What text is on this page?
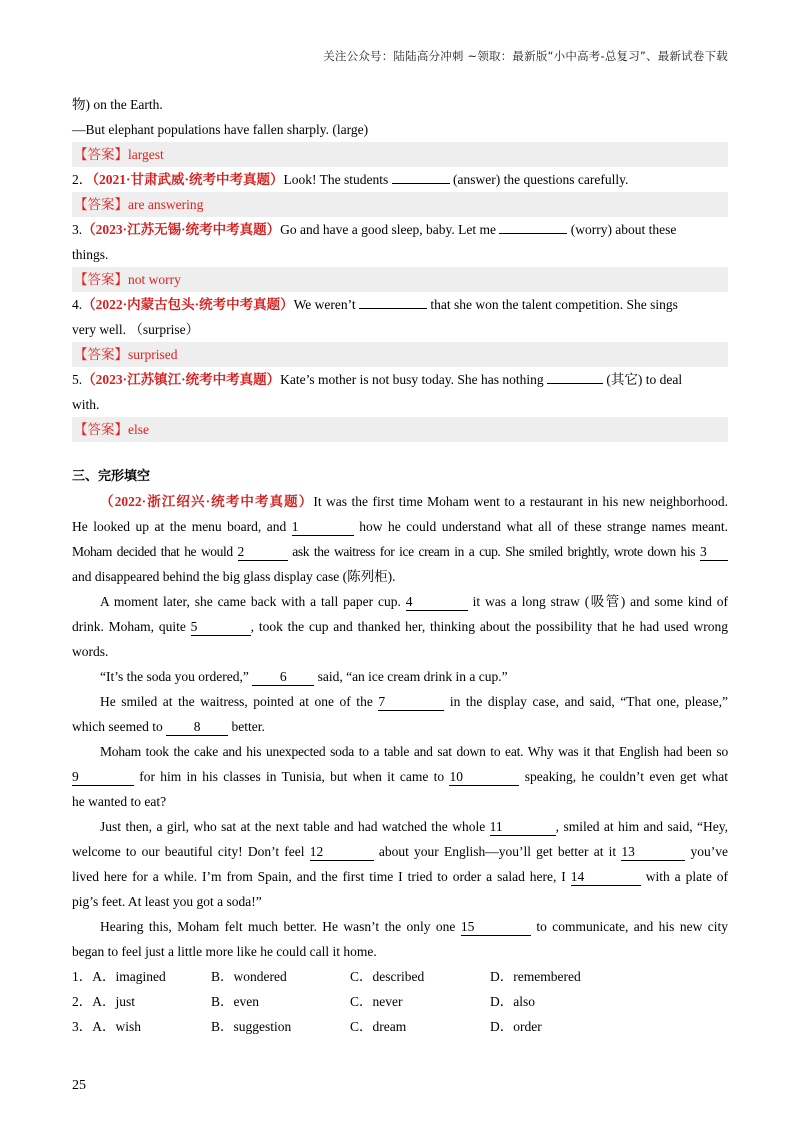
关注公众号：陆陆高分冲刺 ~领取：最新版“小中高考-总复习”、最新试卷下载
物) on the Earth.
—But elephant populations have fallen sharply. (large)
【答案】largest
2．（2021·甘肃武威·统考中考真题）Look! The students	(answer) the questions carefully.
【答案】are answering
3.（2023·江苏无锡·统考中考真题）Go and have a good sleep, baby. Let me	(worry) about these
things.
【答案】not worry
4.（2022·内蒙古包头·统考中考真题）We weren’t	that she won the talent competition. She sings
very well. （surprise）
【答案】surprised
5.（2023·江苏镇江·统考中考真题）Kate’s mother is not busy today. She has nothing	(其它) to deal
with.
【答案】else
三、完形填空
（2022·浙江绍兴·统考中考真题）It was the first time Moham went to a restaurant in his new neighborhood.
He looked up at the menu board, and 1	how he could understand what all of these strange names meant.
Moham decided that he would 2	ask the waitress for ice cream in a cup. She smiled brightly, wrote down his 3
and disappeared behind the big glass display case (陈列柜).
A moment later, she came back with a tall paper cup. 4	it was a long straw (吸管) and some kind of
drink. Moham, quite 5	, took the cup and thanked her, thinking about the possibility that he had used wrong
words.
“It’s the soda you ordered,” 6 said, “an ice cream drink in a cup.”
He smiled at the waitress, pointed at one of the 7	in the display case, and said, “That one, please,”
which seemed to 8 better.
Moham took the cake and his unexpected soda to a table and sat down to eat. Why was it that English had been so
9	for him in his classes in Tunisia, but when it came to 10	speaking, he couldn’t even get what
he wanted to eat?
Just then, a girl, who sat at the next table and had watched the whole 11	, smiled at him and said, “Hey,
welcome to our beautiful city! Don’t feel 12	about your English—you’ll get better at it 13	you’ve
lived here for a while. I’m from Spain, and the first time I tried to order a salad here, I 14	with a plate of
pig’s feet. At least you got a soda!”
Hearing this, Moham felt much better. He wasn’t the only one 15	to communicate, and his new city
began to feel just a little more like he could call it home.
1．A．imagined	B．wondered	C．described	D．remembered
2．A．just	B．even	C．never	D．also
3．A．wish	B．suggestion	C．dream	D．order
25
